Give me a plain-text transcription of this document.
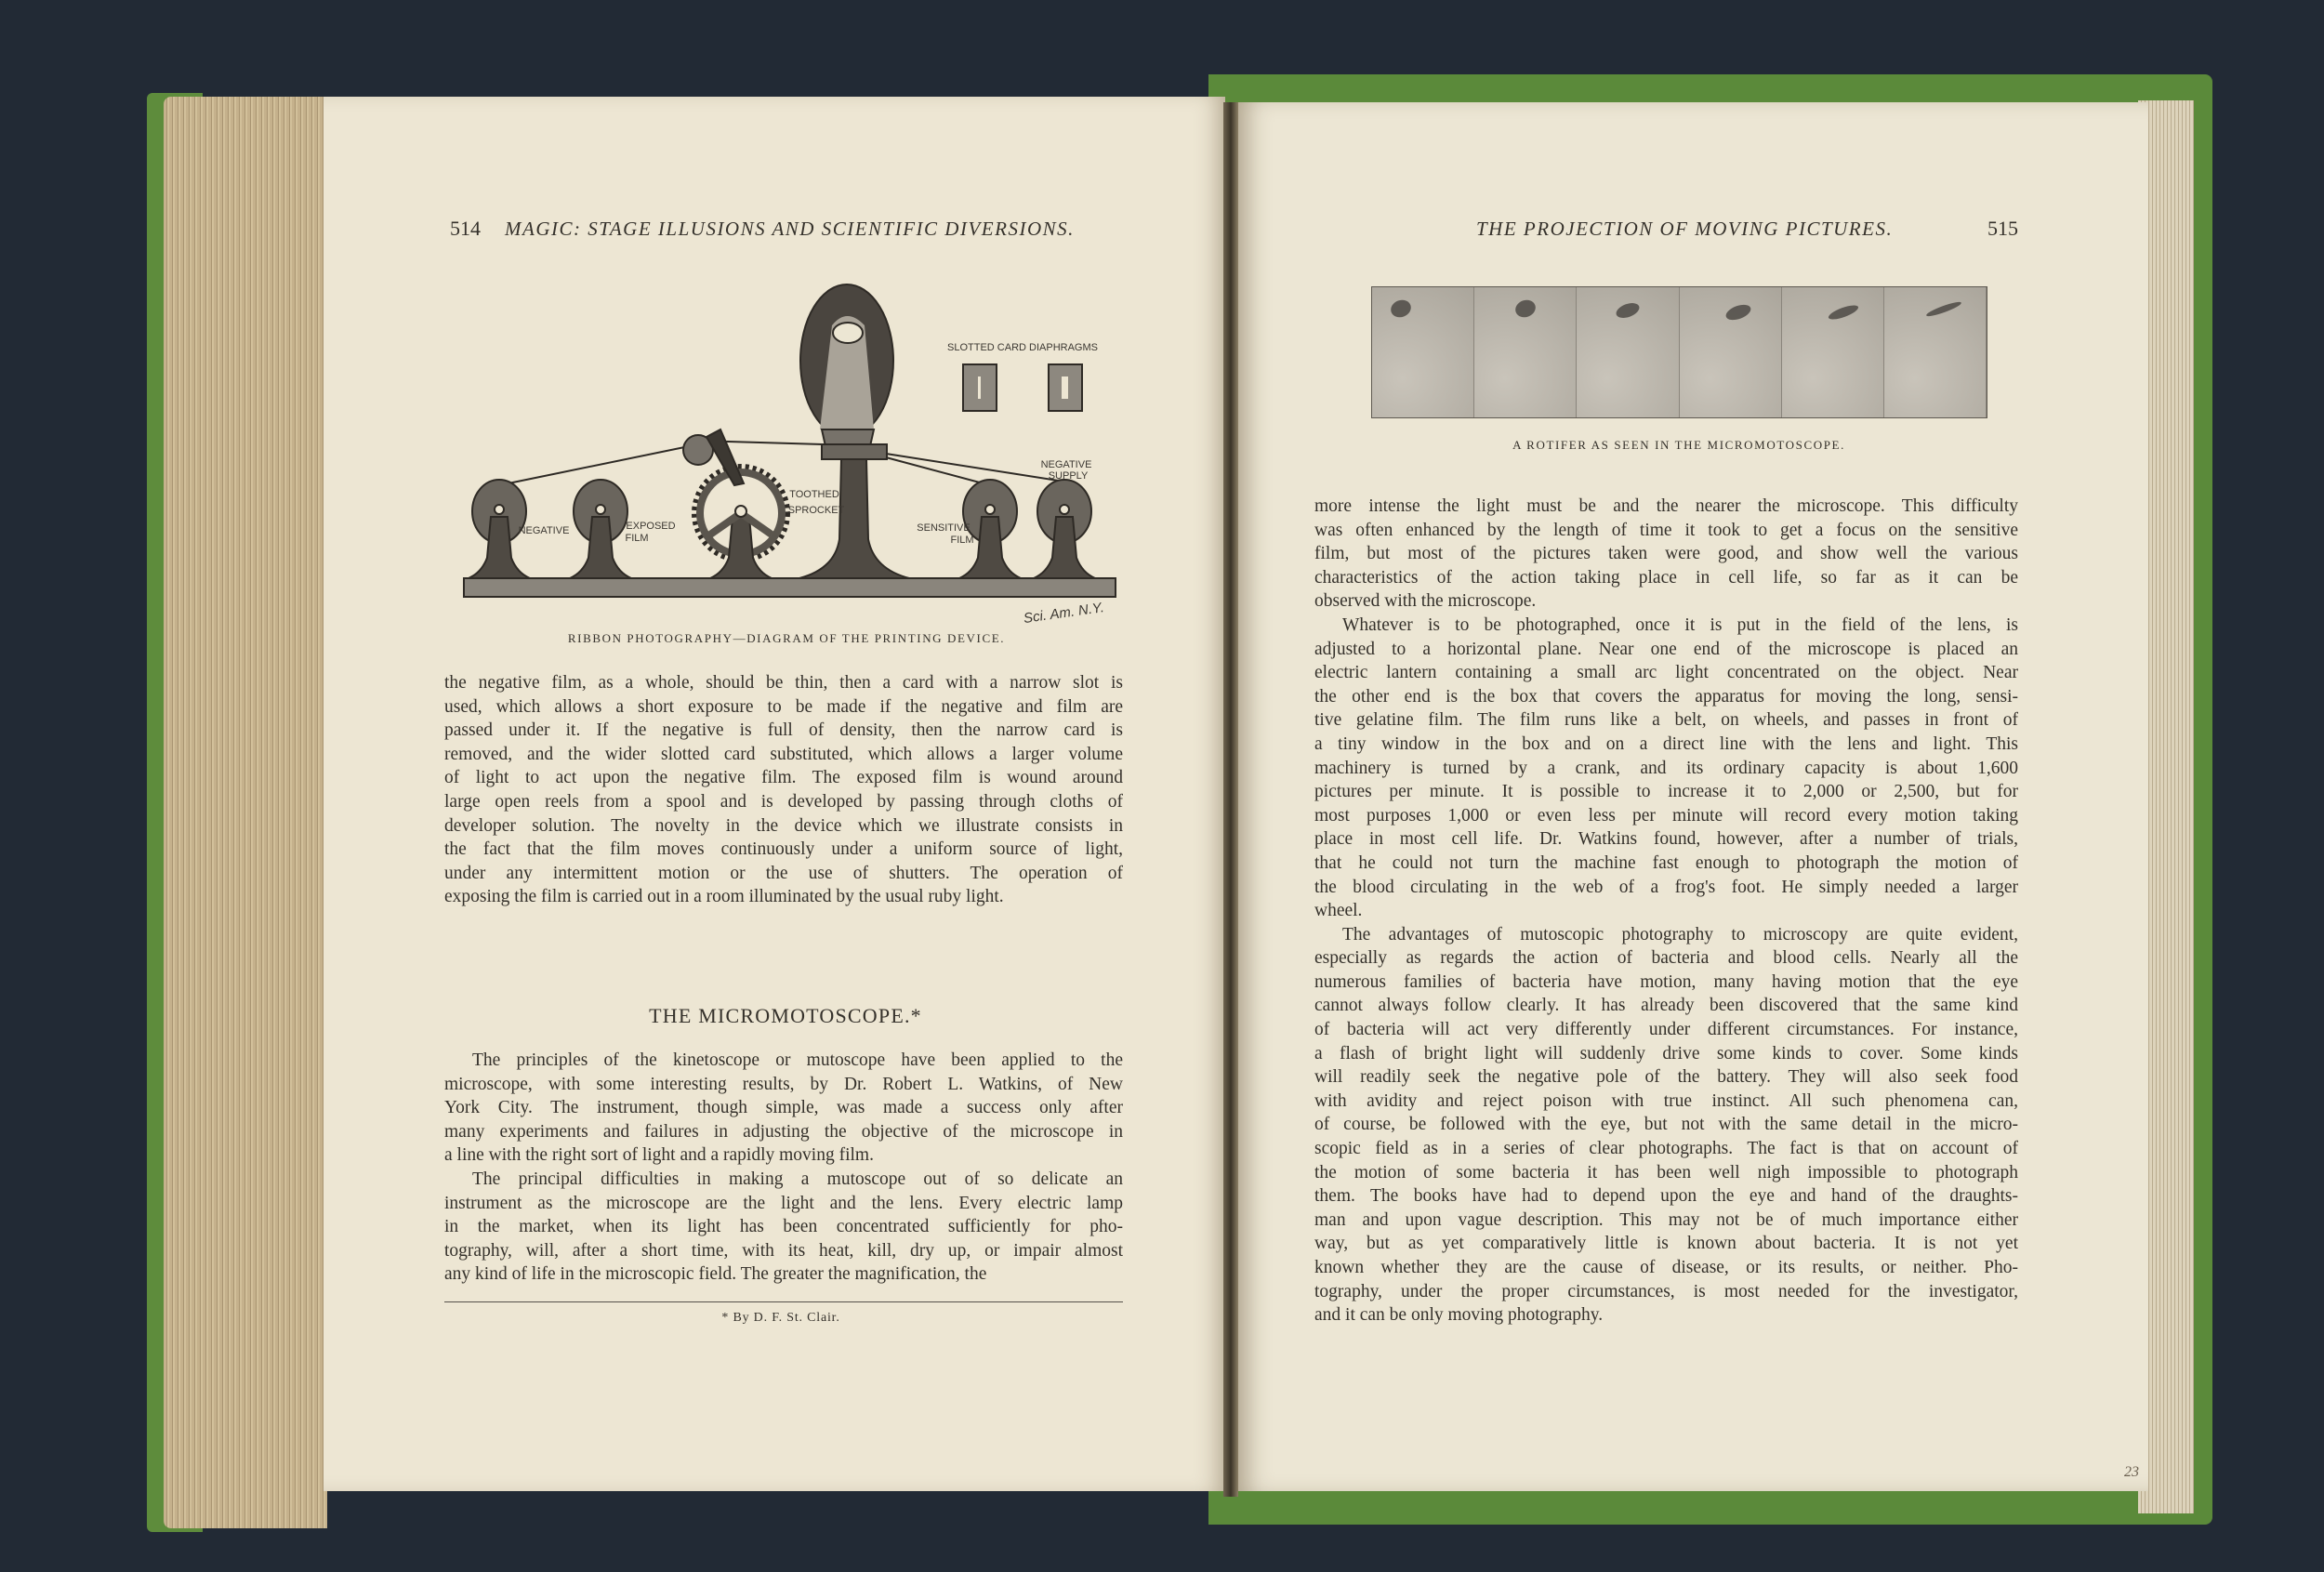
514 MAGIC: STAGE ILLUSIONS AND SCIENTIFIC DIVERSIONS.
SLOTTED CARD DIAPHRAGMS
TOOTHED
SPROCKET
NEGATIVE	EXPOSED
FILM
SENSITIVE
FILM
NEGATIVE
SUPPLY
Sci. Am. N.Y.
RIBBON PHOTOGRAPHY—DIAGRAM OF THE PRINTING DEVICE.
the negative film, as a whole, should be thin, then a card with a narrow slot is
used, which allows a short exposure to be made if the negative and film are
passed under it. If the negative is full of density, then the narrow card is
removed, and the wider slotted card substituted, which allows a larger volume
of light to act upon the negative film. The exposed film is wound around
large open reels from a spool and is developed by passing through cloths of
developer solution. The novelty in the device which we illustrate consists in
the fact that the film moves continuously under a uniform source of light,
under any intermittent motion or the use of shutters. The operation of
exposing the film is carried out in a room illuminated by the usual ruby light.
THE MICROMOTOSCOPE.*
The principles of the kinetoscope or mutoscope have been applied to the
microscope, with some interesting results, by Dr. Robert L. Watkins, of New
York City. The instrument, though simple, was made a success only after
many experiments and failures in adjusting the objective of the microscope in
a line with the right sort of light and a rapidly moving film.
The principal difficulties in making a mutoscope out of so delicate an
instrument as the microscope are the light and the lens. Every electric lamp
in the market, when its light has been concentrated sufficiently for pho-
tography, will, after a short time, with its heat, kill, dry up, or impair almost
any kind of life in the microscopic field. The greater the magnification, the
* By D. F. St. Clair.
THE PROJECTION OF MOVING PICTURES.	515
A ROTIFER AS SEEN IN THE MICROMOTOSCOPE.
more intense the light must be and the nearer the microscope. This difficulty
was often enhanced by the length of time it took to get a focus on the sensitive
film, but most of the pictures taken were good, and show well the various
characteristics of the action taking place in cell life, so far as it can be
observed with the microscope.
Whatever is to be photographed, once it is put in the field of the lens, is
adjusted to a horizontal plane. Near one end of the microscope is placed an
electric lantern containing a small arc light concentrated on the object. Near
the other end is the box that covers the apparatus for moving the long, sensi-
tive gelatine film. The film runs like a belt, on wheels, and passes in front of
a tiny window in the box and on a direct line with the lens and light. This
machinery is turned by a crank, and its ordinary capacity is about 1,600
pictures per minute. It is possible to increase it to 2,000 or 2,500, but for
most purposes 1,000 or even less per minute will record every motion taking
place in most cell life. Dr. Watkins found, however, after a number of trials,
that he could not turn the machine fast enough to photograph the motion of
the blood circulating in the web of a frog's foot. He simply needed a larger
wheel.
The advantages of mutoscopic photography to microscopy are quite evident,
especially as regards the action of bacteria and blood cells. Nearly all the
numerous families of bacteria have motion, many having motion that the eye
cannot always follow clearly. It has already been discovered that the same kind
of bacteria will act very differently under different circumstances. For instance,
a flash of bright light will suddenly drive some kinds to cover. Some kinds
will readily seek the negative pole of the battery. They will also seek food
with avidity and reject poison with true instinct. All such phenomena can,
of course, be followed with the eye, but not with the same detail in the micro-
scopic field as in a series of clear photographs. The fact is that on account of
the motion of some bacteria it has been well nigh impossible to photograph
them. The books have had to depend upon the eye and hand of the draughts-
man and upon vague description. This may not be of much importance either
way, but as yet comparatively little is known about bacteria. It is not yet
known whether they are the cause of disease, or its results, or neither. Pho-
tography, under the proper circumstances, is most needed for the investigator,
and it can be only moving photography.
23
